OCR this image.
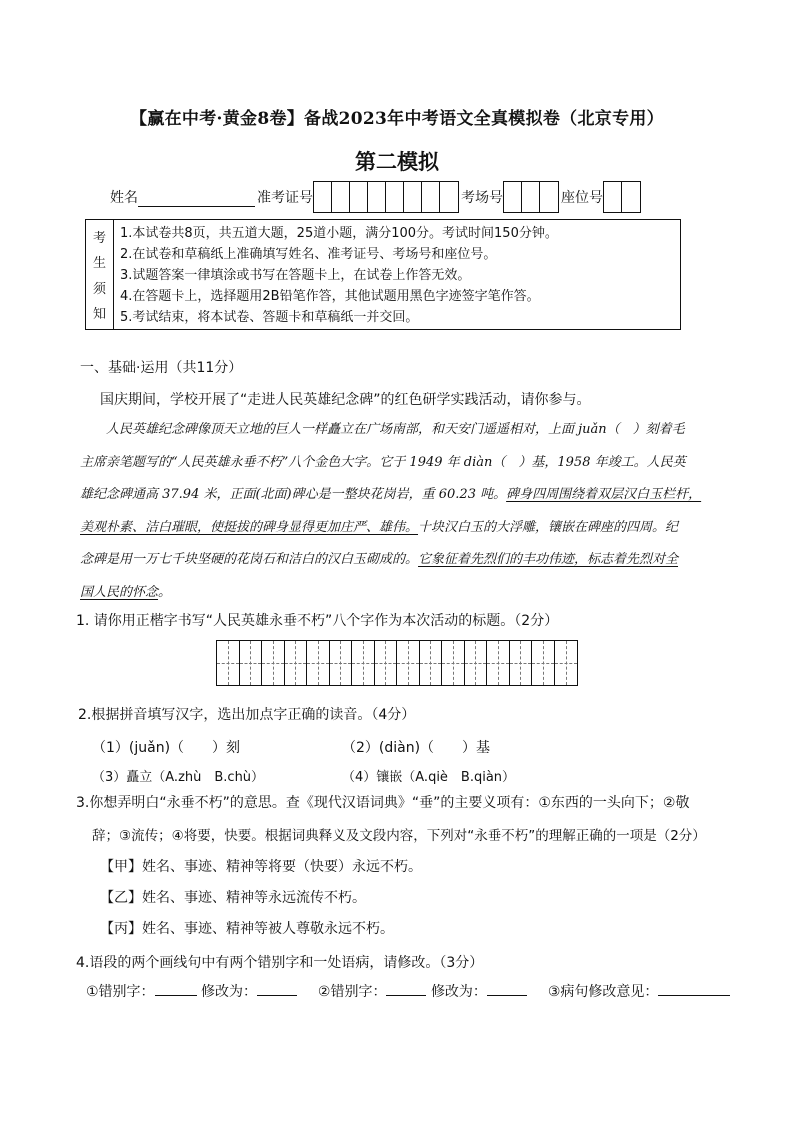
【赢在中考·黄金8卷】备战2023年中考语文全真模拟卷（北京专用）
第二模拟
姓名	准考证号	考场号	座位号
考
生
须
知
1.本试卷共8页，共五道大题，25道小题，满分100分。考试时间150分钟。
2.在试卷和草稿纸上准确填写姓名、准考证号、考场号和座位号。
3.试题答案一律填涂或书写在答题卡上，在试卷上作答无效。
4.在答题卡上，选择题用2B铅笔作答，其他试题用黑色字迹签字笔作答。
5.考试结束，将本试卷、答题卡和草稿纸一并交回。
一、基础·运用（共11分）
国庆期间，学校开展了“走进人民英雄纪念碑”的红色研学实践活动，请你参与。
人民英雄纪念碑像顶天立地的巨人一样矗立在广场南部，和天安门遥遥相对，上面 juǎn（　）刻着毛
主席亲笔题写的“人民英雄永垂不朽”八个金色大字。它于 1949 年 diàn（　）基，1958 年竣工。人民英
雄纪念碑通高 37.94 米，正面(北面)碑心是一整块花岗岩，重 60.23 吨。碑身四周围绕着双层汉白玉栏杆，
美观朴素、洁白璀眼，使挺拔的碑身显得更加庄严、雄伟。十块汉白玉的大浮雕，镶嵌在碑座的四周。纪
念碑是用一万七千块坚硬的花岗石和洁白的汉白玉砌成的。它象征着先烈们的丰功伟迹，标志着先烈对全
国人民的怀念。
1. 请你用正楷字书写“人民英雄永垂不朽”八个字作为本次活动的标题。（2分）
2.根据拼音填写汉字，选出加点字正确的读音。（4分）
（1）(juǎn)（　　）刻	（2）(diàn)（　　）基
（3）矗立（A.zhù　B.chù）	（4）镶嵌（A.qiè　B.qiàn）
3.你想弄明白“永垂不朽”的意思。查《现代汉语词典》“垂”的主要义项有：①东西的一头向下；②敬
辞；③流传；④将要，快要。根据词典释义及文段内容，下列对“永垂不朽”的理解正确的一项是（2分）
【甲】姓名、事迹、精神等将要（快要）永远不朽。
【乙】姓名、事迹、精神等永远流传不朽。
【丙】姓名、事迹、精神等被人尊敬永远不朽。
4.语段的两个画线句中有两个错别字和一处语病，请修改。（3分）
①错别字：	修改为：	②错别字：	修改为：	③病句修改意见：
